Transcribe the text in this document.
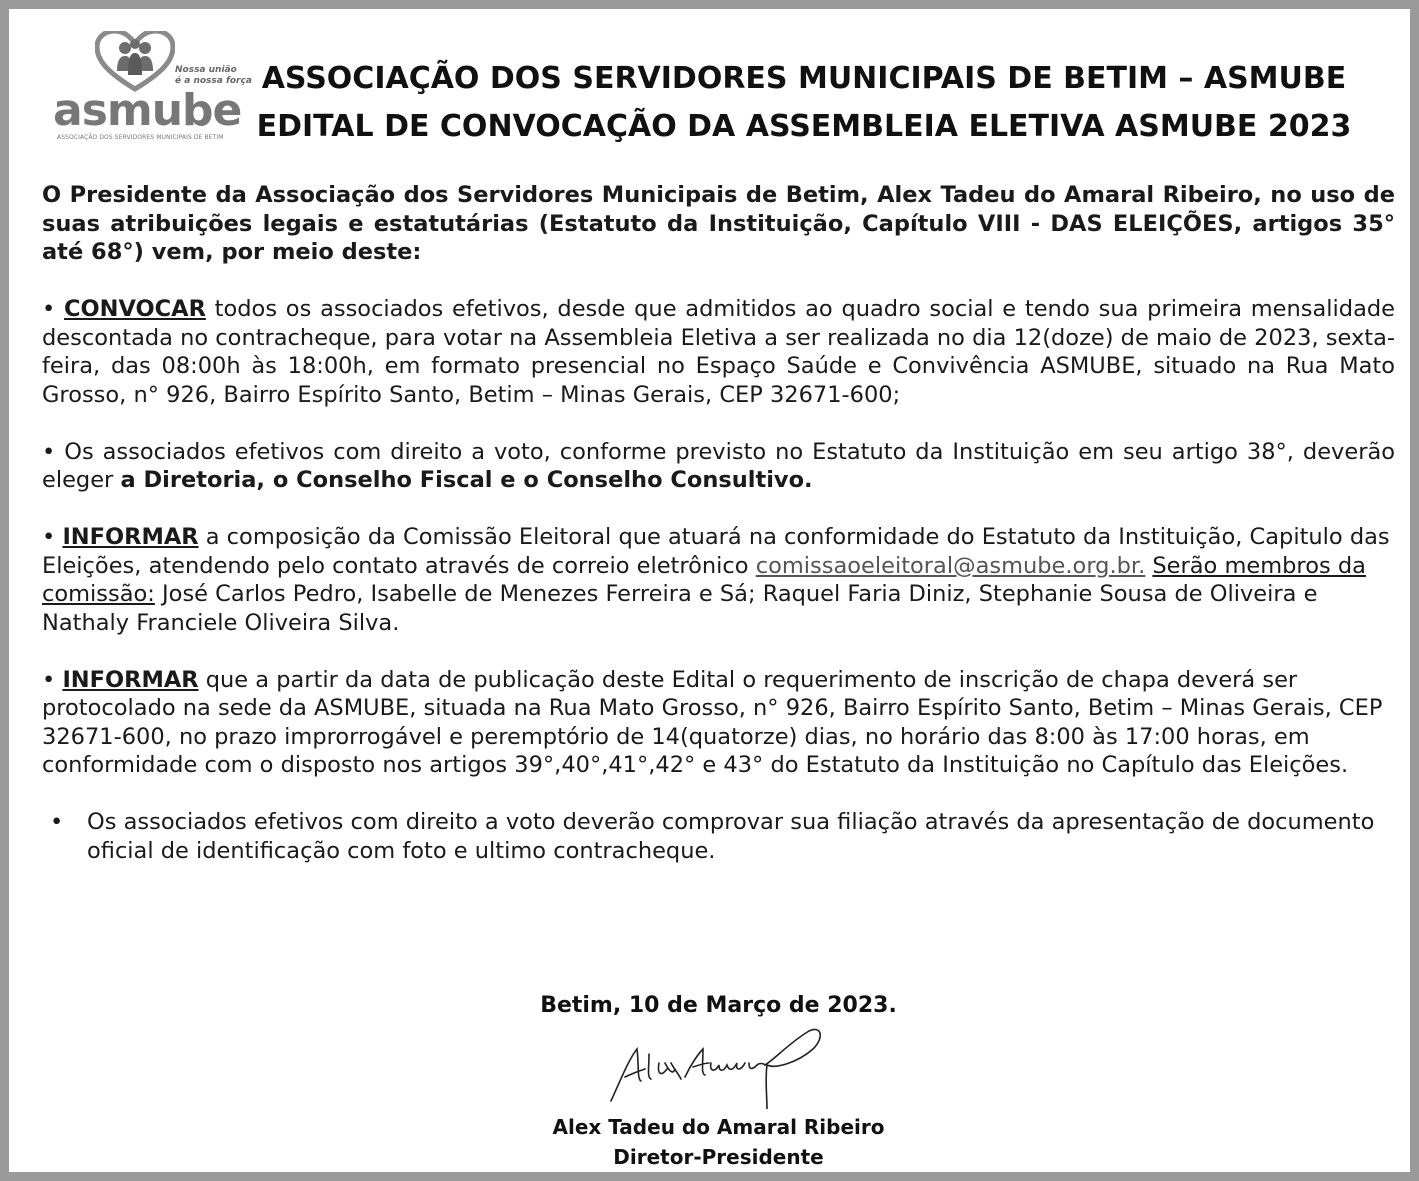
Nossa união
é a nossa força
asmube
ASSOCIAÇÃO DOS SERVIDORES MUNICIPAIS DE BETIM
ASSOCIAÇÃO DOS SERVIDORES MUNICIPAIS DE BETIM – ASMUBE
EDITAL DE CONVOCAÇÃO DA ASSEMBLEIA ELETIVA ASMUBE 2023

O Presidente da Associação dos Servidores Municipais de Betim, Alex Tadeu do Amaral Ribeiro, no uso de suas atribuições legais e estatutárias (Estatuto da Instituição, Capítulo VIII - DAS ELEIÇÕES, artigos 35° até 68°) vem, por meio deste:

• CONVOCAR todos os associados efetivos, desde que admitidos ao quadro social e tendo sua primeira mensalidade descontada no contracheque, para votar na Assembleia Eletiva a ser realizada no dia 12(doze) de maio de 2023, sexta-feira, das 08:00h às 18:00h, em formato presencial no Espaço Saúde e Convivência ASMUBE, situado na Rua Mato Grosso, n° 926, Bairro Espírito Santo, Betim – Minas Gerais, CEP 32671-600;

• Os associados efetivos com direito a voto, conforme previsto no Estatuto da Instituição em seu artigo 38°, deverão eleger a Diretoria, o Conselho Fiscal e o Conselho Consultivo.

• INFORMAR a composição da Comissão Eleitoral que atuará na conformidade do Estatuto da Instituição, Capitulo das Eleições, atendendo pelo contato através de correio eletrônico comissaoeleitoral@asmube.org.br. Serão membros da comissão: José Carlos Pedro, Isabelle de Menezes Ferreira e Sá; Raquel Faria Diniz, Stephanie Sousa de Oliveira e Nathaly Franciele Oliveira Silva.

• INFORMAR que a partir da data de publicação deste Edital o requerimento de inscrição de chapa deverá ser protocolado na sede da ASMUBE, situada na Rua Mato Grosso, n° 926, Bairro Espírito Santo, Betim – Minas Gerais, CEP 32671-600, no prazo improrrogável e peremptório de 14(quatorze) dias, no horário das 8:00 às 17:00 horas, em conformidade com o disposto nos artigos 39°,40°,41°,42° e 43° do Estatuto da Instituição no Capítulo das Eleições.

•	Os associados efetivos com direito a voto deverão comprovar sua filiação através da apresentação de documento oficial de identificação com foto e ultimo contracheque.
Betim, 10 de Março de 2023.
Alex Tadeu do Amaral Ribeiro
Diretor-Presidente
